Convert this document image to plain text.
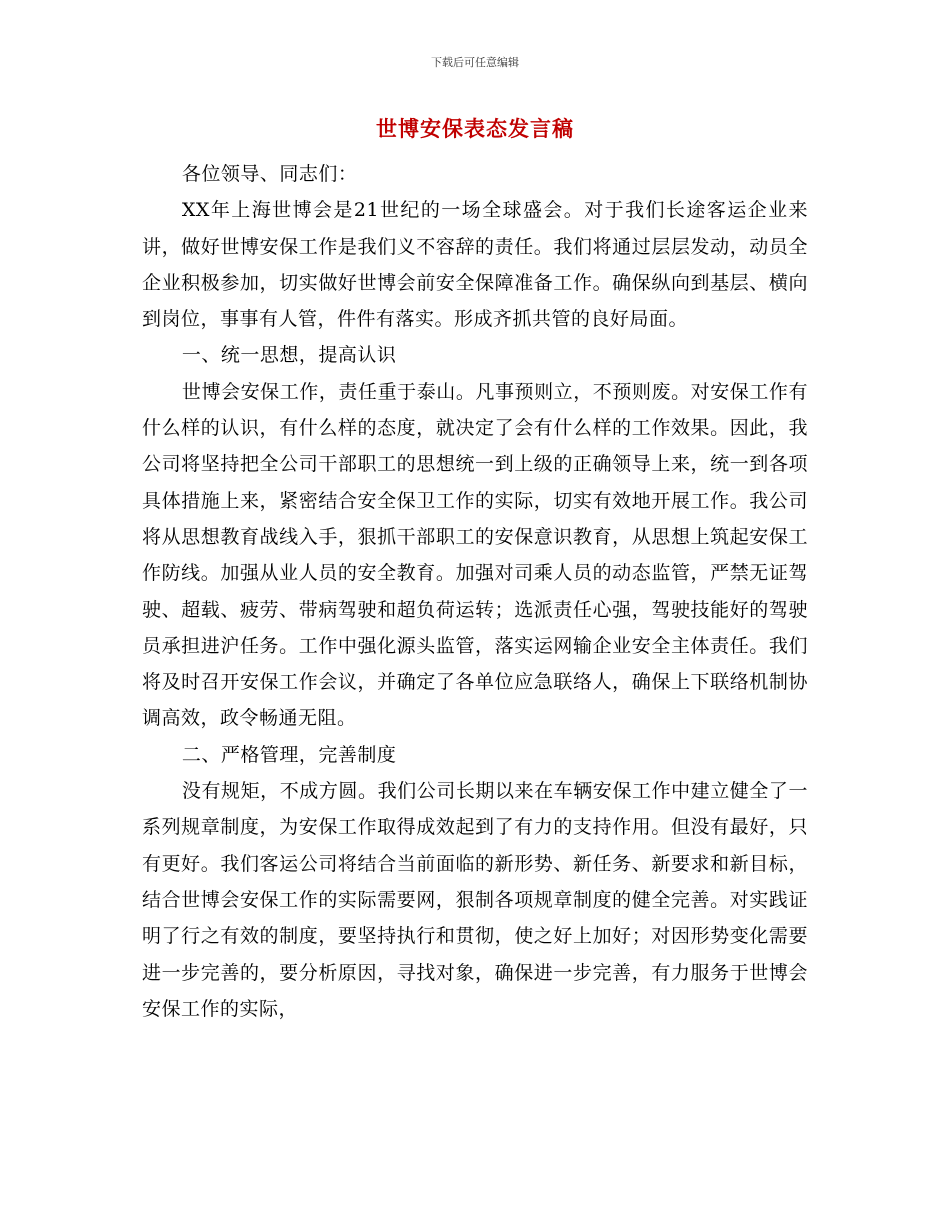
下载后可任意编辑
世博安保表态发言稿

各位领导、同志们：

XX年上海世博会是21世纪的一场全球盛会。对于我们长途客运企业来讲，做好世博安保工作是我们义不容辞的责任。我们将通过层层发动，动员全企业积极参加，切实做好世博会前安全保障准备工作。确保纵向到基层、横向到岗位，事事有人管，件件有落实。形成齐抓共管的良好局面。

一、统一思想，提高认识

世博会安保工作，责任重于泰山。凡事预则立，不预则废。对安保工作有什么样的认识，有什么样的态度，就决定了会有什么样的工作效果。因此，我公司将坚持把全公司干部职工的思想统一到上级的正确领导上来，统一到各项具体措施上来，紧密结合安全保卫工作的实际，切实有效地开展工作。我公司将从思想教育战线入手，狠抓干部职工的安保意识教育，从思想上筑起安保工作防线。加强从业人员的安全教育。加强对司乘人员的动态监管，严禁无证驾驶、超载、疲劳、带病驾驶和超负荷运转；选派责任心强，驾驶技能好的驾驶员承担进沪任务。工作中强化源头监管，落实运网输企业安全主体责任。我们将及时召开安保工作会议，并确定了各单位应急联络人，确保上下联络机制协调高效，政令畅通无阻。

二、严格管理，完善制度

没有规矩，不成方圆。我们公司长期以来在车辆安保工作中建立健全了一系列规章制度，为安保工作取得成效起到了有力的支持作用。但没有最好，只有更好。我们客运公司将结合当前面临的新形势、新任务、新要求和新目标，结合世博会安保工作的实际需要网，狠制各项规章制度的健全完善。对实践证明了行之有效的制度，要坚持执行和贯彻，使之好上加好；对因形势变化需要进一步完善的，要分析原因，寻找对象，确保进一步完善，有力服务于世博会安保工作的实际，
